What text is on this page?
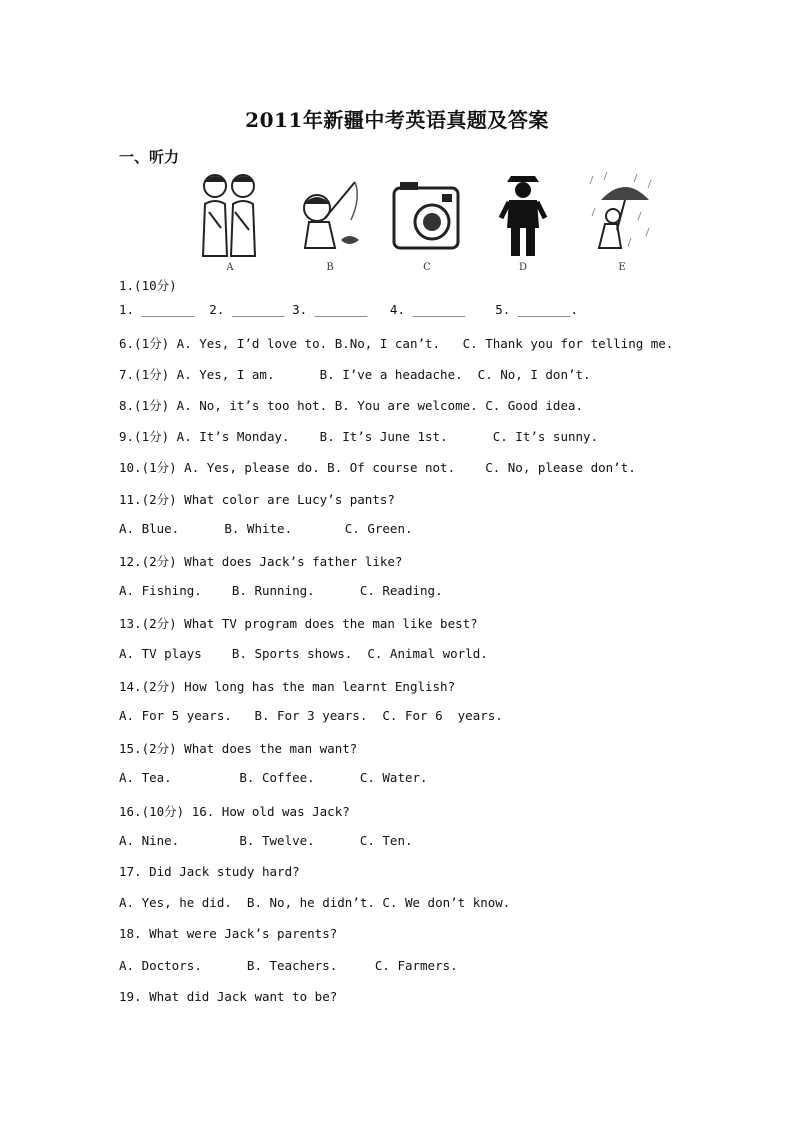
2011年新疆中考英语真题及答案
一、听力
A	B	C	D	E
1.(10分)
1. _______  2. _______ 3. _______   4. _______    5. _______.
6.(1分) A. Yes, I’d love to. B.No, I can’t.   C. Thank you for telling me.
7.(1分) A. Yes, I am.      B. I’ve a headache.  C. No, I don’t.
8.(1分) A. No, it’s too hot. B. You are welcome. C. Good idea.
9.(1分) A. It’s Monday.    B. It’s June 1st.      C. It’s sunny.
10.(1分) A. Yes, please do. B. Of course not.    C. No, please don’t.
11.(2分) What color are Lucy’s pants?
A. Blue.      B. White.       C. Green.
12.(2分) What does Jack’s father like?
A. Fishing.    B. Running.      C. Reading.
13.(2分) What TV program does the man like best?
A. TV plays    B. Sports shows.  C. Animal world.
14.(2分) How long has the man learnt English?
A. For 5 years.   B. For 3 years.  C. For 6  years.
15.(2分) What does the man want?
A. Tea.         B. Coffee.      C. Water.
16.(10分) 16. How old was Jack?
A. Nine.        B. Twelve.      C. Ten.
17. Did Jack study hard?
A. Yes, he did.  B. No, he didn’t. C. We don’t know.
18. What were Jack’s parents?
A. Doctors.      B. Teachers.     C. Farmers.
19. What did Jack want to be?
